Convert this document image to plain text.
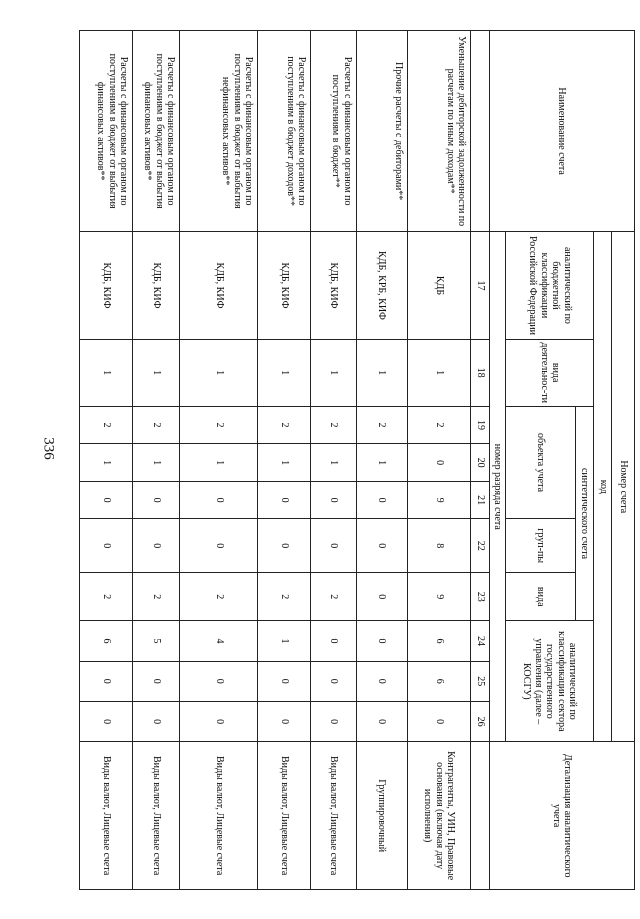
336
Наименование счета	Номер счета										Детализация аналитического учета
	код										
	аналитический по бюджетной классификации Российской Федерации	вида деятельнос-ти	синтетического счета					аналитический по классификации сектора государственного управления (далее – КОСГУ)			
			объекта учета			груп-пы	вида				
	номер разряда счета										
	17	18	19	20	21	22	23	24	25	26	
Уменьшение дебиторской задолженности по расчетам по иным доходам**	КДБ	1	2	0	9	8	9	6	6	0	Контрагенты, УИН, Правовые основания (включая дату исполнения)
Прочие расчеты с дебиторами**	КДБ, КРБ, КИФ	1	2	1	0	0	0	0	0	0	Группировочный
Расчеты с финансовым органом по поступлениям в бюджет**	КДБ, КИФ	1	2	1	0	0	2	0	0	0	Виды валют, Лицевые счета
Расчеты с финансовым органом по поступлениям в бюджет доходов**	КДБ, КИФ	1	2	1	0	0	2	1	0	0	Виды валют, Лицевые счета
Расчеты с финансовым органом по поступлениям в бюджет от выбытия нефинансовых активов**	КДБ, КИФ	1	2	1	0	0	2	4	0	0	Виды валют, Лицевые счета
Расчеты с финансовым органом по поступлениям в бюджет от выбытия финансовых активов**	КДБ, КИФ	1	2	1	0	0	2	5	0	0	Виды валют, Лицевые счета
Расчеты с финансовым органом по поступлениям в бюджет от выбытия финансовых активов**	КДБ, КИФ	1	2	1	0	0	2	6	0	0	Виды валют, Лицевые счета
